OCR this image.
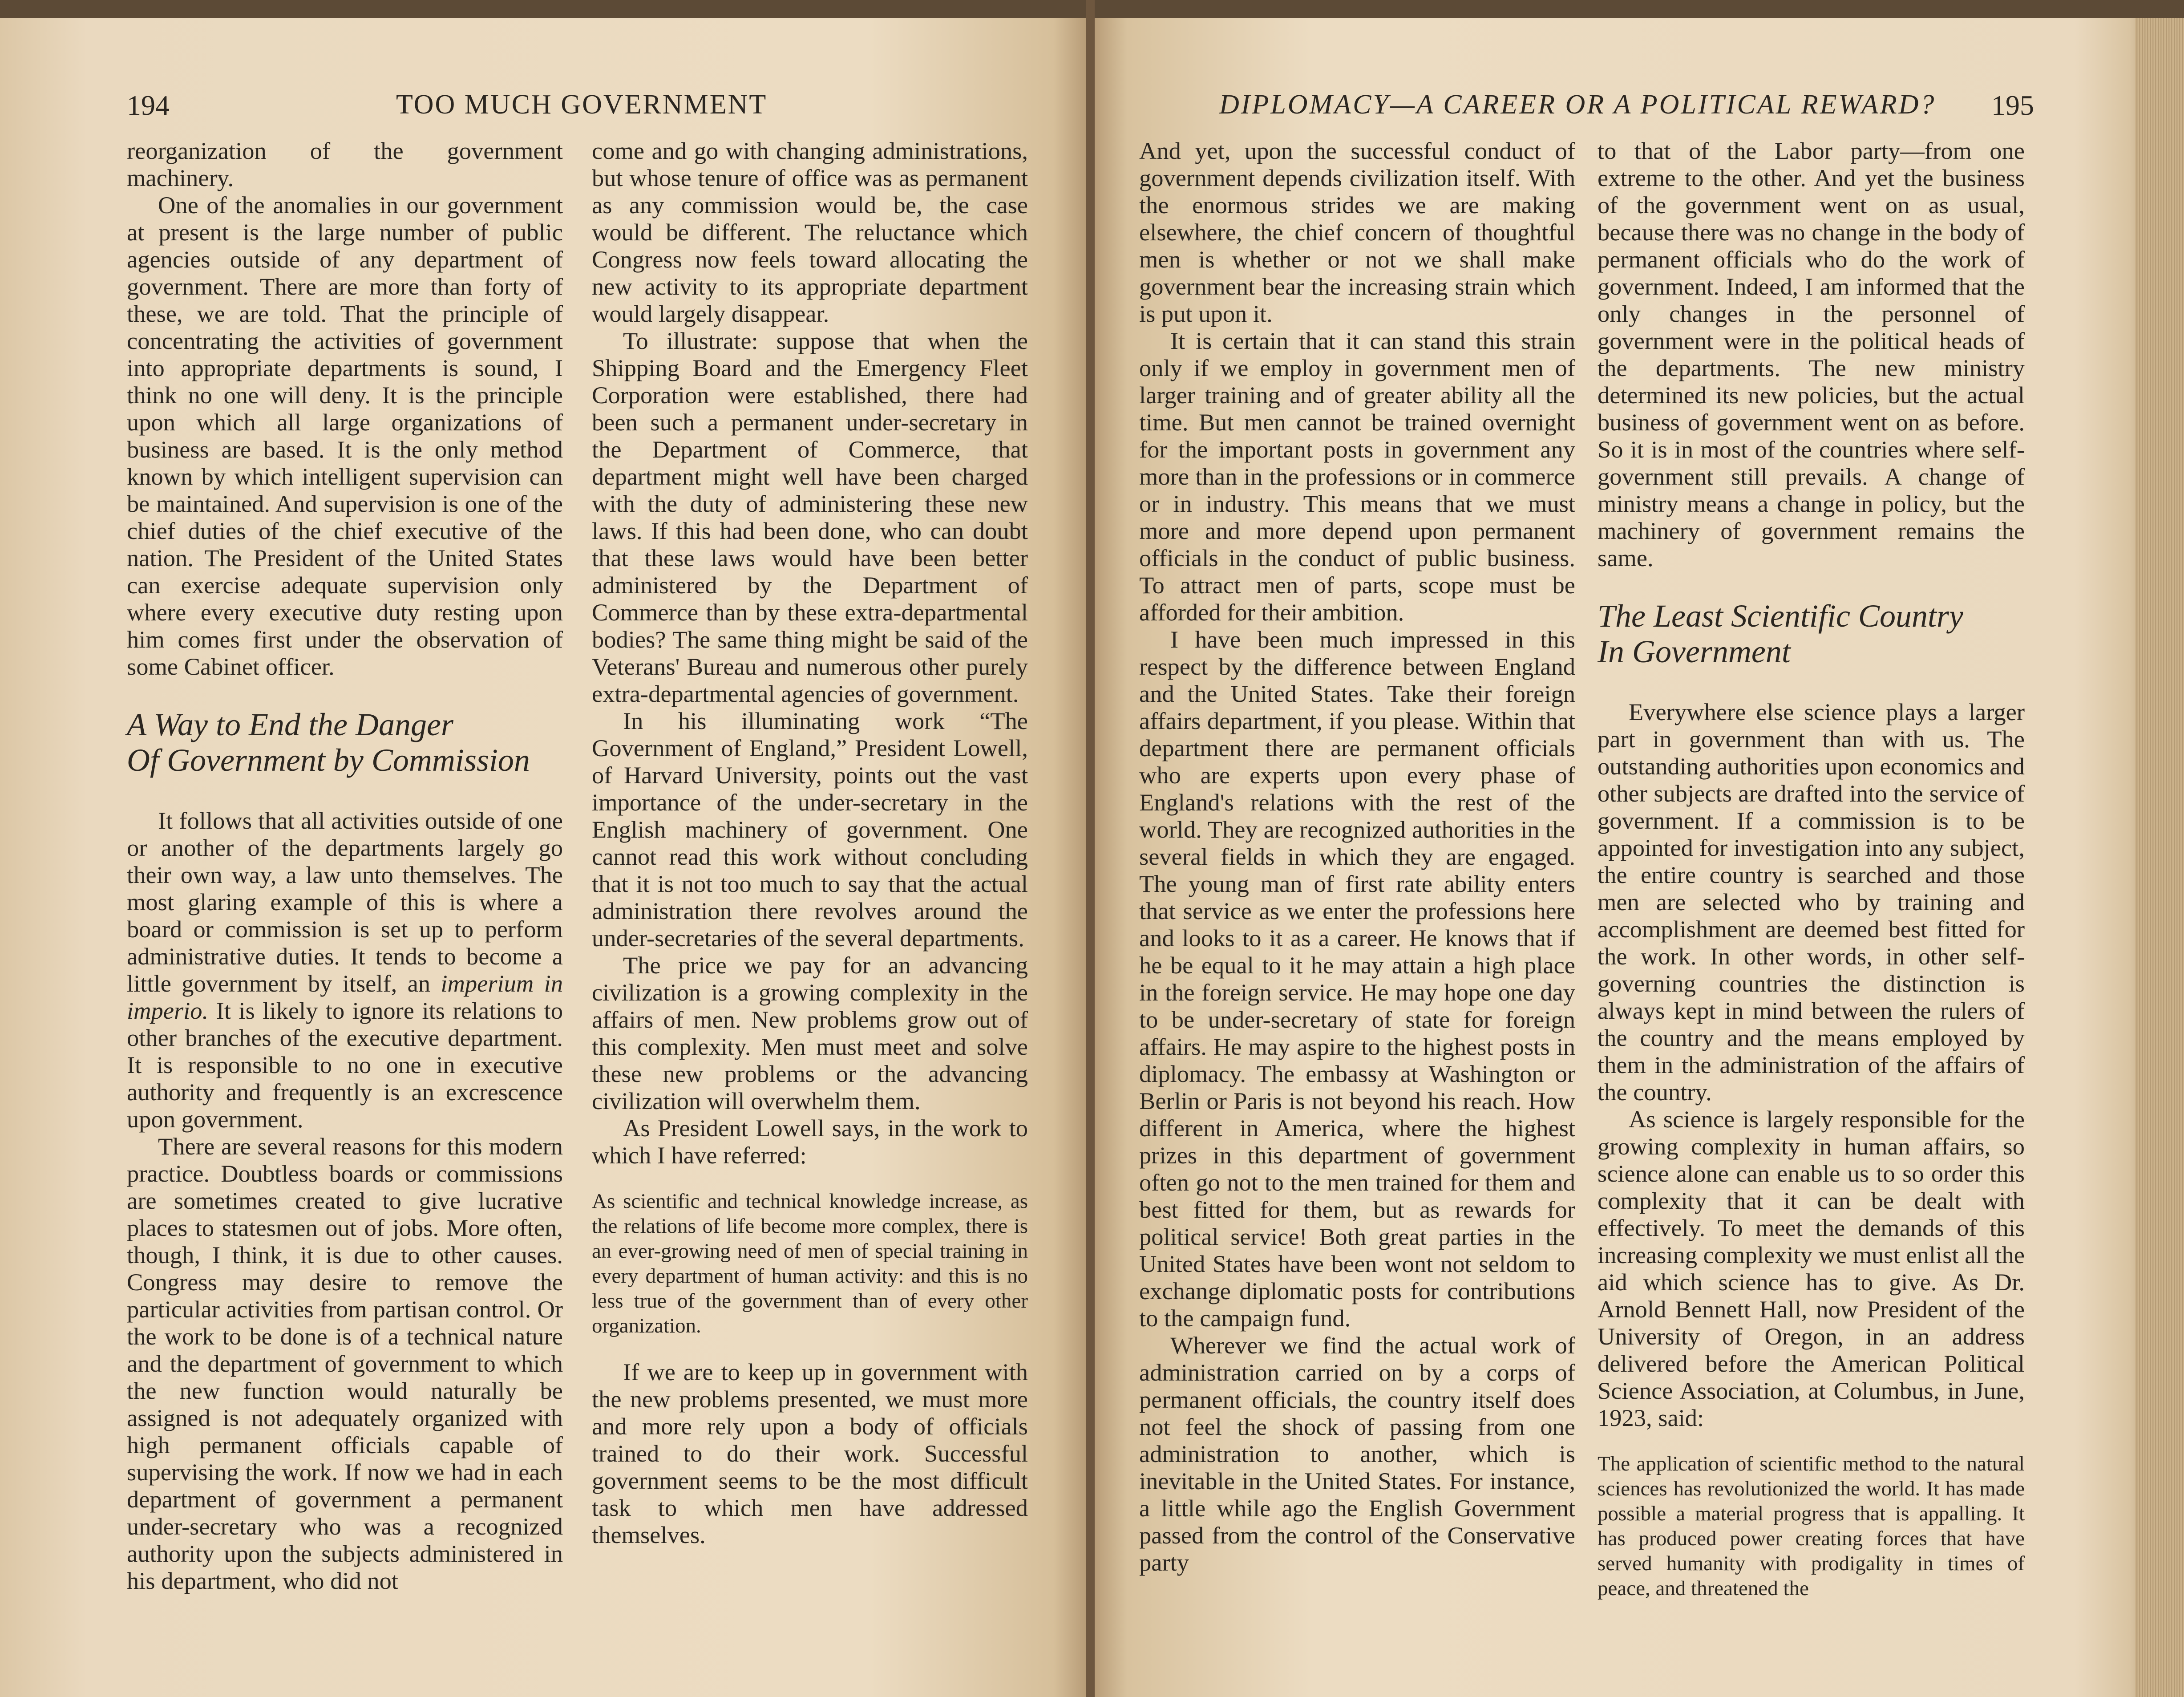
194	TOO MUCH GOVERNMENT

reorganization of the government machinery.

One of the anomalies in our government at present is the large number of public agencies outside of any department of government. There are more than forty of these, we are told. That the principle of concentrating the activities of government into appropriate departments is sound, I think no one will deny. It is the principle upon which all large organizations of business are based. It is the only method known by which intelligent supervision can be maintained. And supervision is one of the chief duties of the chief executive of the nation. The President of the United States can exercise adequate supervision only where every executive duty resting upon him comes first under the observation of some Cabinet officer.

A Way to End the Danger
Of Government by Commission

It follows that all activities outside of one or another of the departments largely go their own way, a law unto themselves. The most glaring example of this is where a board or commission is set up to perform administrative duties. It tends to become a little government by itself, an imperium in imperio. It is likely to ignore its relations to other branches of the executive department. It is responsible to no one in executive authority and frequently is an excrescence upon government.

There are several reasons for this modern practice. Doubtless boards or commissions are sometimes created to give lucrative places to statesmen out of jobs. More often, though, I think, it is due to other causes. Congress may desire to remove the particular activities from partisan control. Or the work to be done is of a technical nature and the department of government to which the new function would naturally be assigned is not adequately organized with high permanent officials capable of supervising the work. If now we had in each department of government a permanent under-secretary who was a recognized authority upon the subjects administered in his department, who did not

come and go with changing administrations, but whose tenure of office was as permanent as any commission would be, the case would be different. The reluctance which Congress now feels toward allocating the new activity to its appropriate department would largely disappear.

To illustrate: suppose that when the Shipping Board and the Emergency Fleet Corporation were established, there had been such a permanent under-secretary in the Department of Commerce, that department might well have been charged with the duty of administering these new laws. If this had been done, who can doubt that these laws would have been better administered by the Department of Commerce than by these extra-departmental bodies? The same thing might be said of the Veterans' Bureau and numerous other purely extra-departmental agencies of government.

In his illuminating work “The Government of England,” President Lowell, of Harvard University, points out the vast importance of the under-secretary in the English machinery of government. One cannot read this work without concluding that it is not too much to say that the actual administration there revolves around the under-secretaries of the several departments.

The price we pay for an advancing civilization is a growing complexity in the affairs of men. New problems grow out of this complexity. Men must meet and solve these new problems or the advancing civilization will overwhelm them.

As President Lowell says, in the work to which I have referred:

As scientific and technical knowledge increase, as the relations of life become more complex, there is an ever-growing need of men of special training in every department of human activity: and this is no less true of the government than of every other organization.

If we are to keep up in government with the new problems presented, we must more and more rely upon a body of officials trained to do their work. Successful government seems to be the most difficult task to which men have addressed themselves.

DIPLOMACY—A CAREER OR A POLITICAL REWARD? 195

And yet, upon the successful conduct of government depends civilization itself. With the enormous strides we are making elsewhere, the chief concern of thoughtful men is whether or not we shall make government bear the increasing strain which is put upon it.

It is certain that it can stand this strain only if we employ in government men of larger training and of greater ability all the time. But men cannot be trained overnight for the important posts in government any more than in the professions or in commerce or in industry. This means that we must more and more depend upon permanent officials in the conduct of public business. To attract men of parts, scope must be afforded for their ambition.

I have been much impressed in this respect by the difference between England and the United States. Take their foreign affairs department, if you please. Within that department there are permanent officials who are experts upon every phase of England's relations with the rest of the world. They are recognized authorities in the several fields in which they are engaged. The young man of first rate ability enters that service as we enter the professions here and looks to it as a career. He knows that if he be equal to it he may attain a high place in the foreign service. He may hope one day to be under-secretary of state for foreign affairs. He may aspire to the highest posts in diplomacy. The embassy at Washington or Berlin or Paris is not beyond his reach. How different in America, where the highest prizes in this department of government often go not to the men trained for them and best fitted for them, but as rewards for political service! Both great parties in the United States have been wont not seldom to exchange diplomatic posts for contributions to the campaign fund.

Wherever we find the actual work of administration carried on by a corps of permanent officials, the country itself does not feel the shock of passing from one administration to another, which is inevitable in the United States. For instance, a little while ago the English Government passed from the control of the Conservative party

to that of the Labor party—from one extreme to the other. And yet the business of the government went on as usual, because there was no change in the body of permanent officials who do the work of government. Indeed, I am informed that the only changes in the personnel of government were in the political heads of the departments. The new ministry determined its new policies, but the actual business of government went on as before. So it is in most of the countries where self-government still prevails. A change of ministry means a change in policy, but the machinery of government remains the same.

The Least Scientific Country
In Government

Everywhere else science plays a larger part in government than with us. The outstanding authorities upon economics and other subjects are drafted into the service of government. If a commission is to be appointed for investigation into any subject, the entire country is searched and those men are selected who by training and accomplishment are deemed best fitted for the work. In other words, in other self-governing countries the distinction is always kept in mind between the rulers of the country and the means employed by them in the administration of the affairs of the country.

As science is largely responsible for the growing complexity in human affairs, so science alone can enable us to so order this complexity that it can be dealt with effectively. To meet the demands of this increasing complexity we must enlist all the aid which science has to give. As Dr. Arnold Bennett Hall, now President of the University of Oregon, in an address delivered before the American Political Science Association, at Columbus, in June, 1923, said:

The application of scientific method to the natural sciences has revolutionized the world. It has made possible a material progress that is appalling. It has produced power creating forces that have served humanity with prodigality in times of peace, and threatened the
